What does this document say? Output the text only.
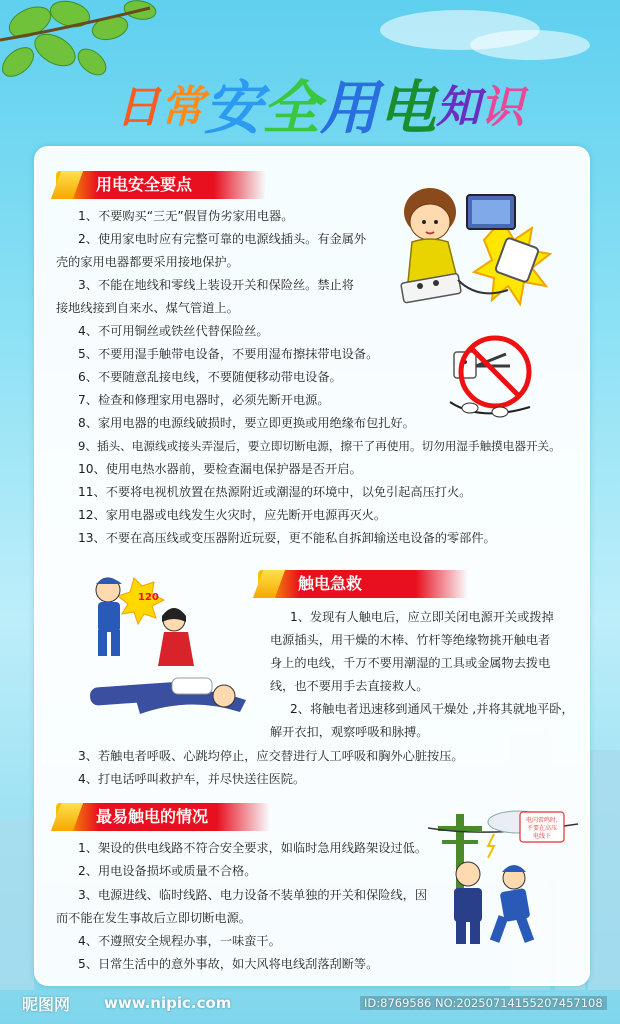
日 常 安 全 用 电 知 识
用电安全要点
1、不要购买“三无”假冒伪劣家用电器。
2、使用家电时应有完整可靠的电源线插头。有金属外
壳的家用电器都要采用接地保护。
3、不能在地线和零线上装设开关和保险丝。禁止将
接地线接到自来水、煤气管道上。
4、不可用铜丝或铁丝代替保险丝。
5、不要用湿手触带电设备，不要用湿布擦抹带电设备。
6、不要随意乱接电线，不要随便移动带电设备。
7、检查和修理家用电器时，必须先断开电源。
8、家用电器的电源线破损时，要立即更换或用绝缘布包扎好。
9、插头、电源线或接头弄湿后，要立即切断电源，擦干了再使用。切勿用湿手触摸电器开关。
10、使用电热水器前，要检查漏电保护器是否开启。
11、不要将电视机放置在热源附近或潮湿的环境中，以免引起高压打火。
12、家用电器或电线发生火灾时，应先断开电源再灭火。
13、不要在高压线或变压器附近玩耍，更不能私自拆卸输送电设备的零部件。
触电急救
120
1、发现有人触电后，应立即关闭电源开关或拨掉
电源插头，用干燥的木棒、竹杆等绝缘物挑开触电者
身上的电线，千万不要用潮湿的工具或金属物去拨电
线，也不要用手去直接救人。
2、将触电者迅速移到通风干燥处 ,并将其就地平卧，
解开衣扣，观察呼吸和脉搏。
3、若触电者呼吸、心跳均停止，应交替进行人工呼吸和胸外心脏按压。
4、打电话呼叫救护车，并尽快送往医院。
最易触电的情况	电闪雷鸣时,
不要在高压
电线下
1、架设的供电线路不符合安全要求，如临时急用线路架设过低。
2、用电设备损坏或质量不合格。
3、电源进线、临时线路、电力设备不装单独的开关和保险线，因
而不能在发生事故后立即切断电源。
4、不遵照安全规程办事，一味蛮干。
5、日常生活中的意外事故，如大风将电线刮落刮断等。
昵图网 www.nipic.com	ID:8769586 NO:20250714155207457108
